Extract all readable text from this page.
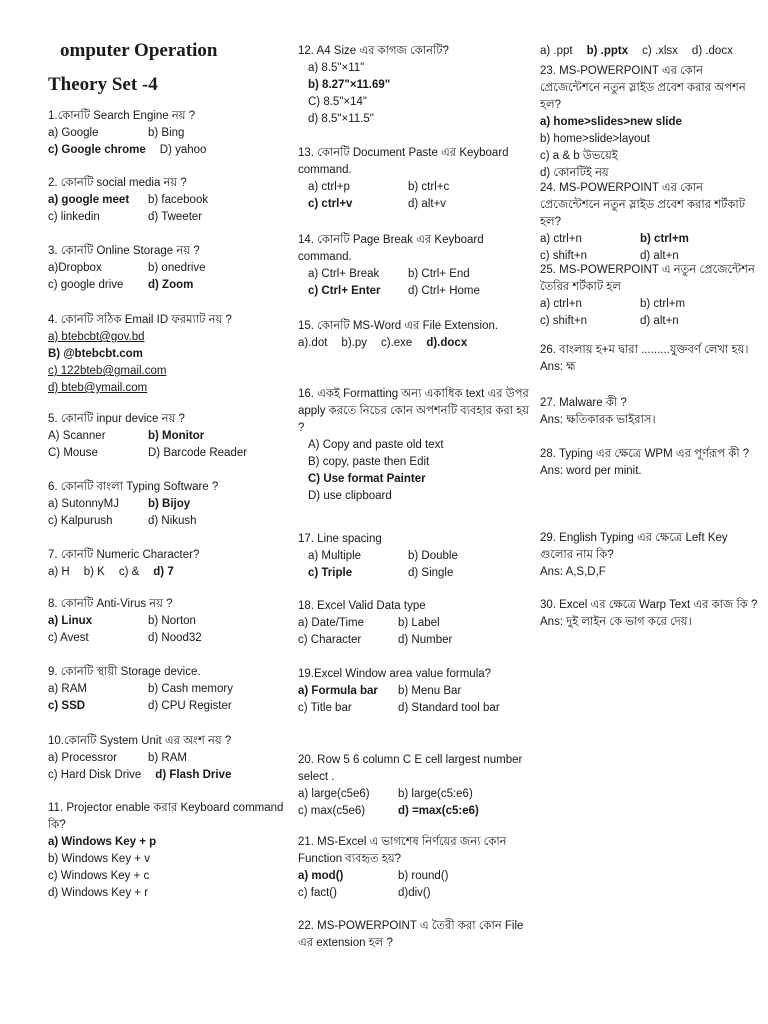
omputer Operation
Theory Set -4
1.কোনটি Search Engine নয় ?
a) Google	b) Bing
c) Google chrome D) yahoo
2. কোনটি social media নয় ?
a) google meet b) facebook
c) linkedin	d) Tweeter
3. কোনটি Online Storage নয় ?
a)Dropbox	b) onedrive
c) google drive d) Zoom
4. কোনটি সঠিক Email ID ফরম্যাট নয় ?
a) btebcbt@gov.bd
B) @btebcbt.com
c) 122bteb@gmail.com
d) bteb@ymail.com
5. কোনটি inpur device নয় ?
A) Scanner	b) Monitor
C) Mouse	D) Barcode Reader
6. কোনটি বাংলা Typing Software ?
a) SutonnyMJ	b) Bijoy
c) Kalpurush	d) Nikush
7. কোনটি Numeric Character?
a) H b) K c) & d) 7
8. কোনটি Anti-Virus নয় ?
a) Linux	b) Norton
c) Avest	d) Nood32
9. কোনটি স্থায়ী Storage device.
a) RAM	b) Cash memory
c) SSD	d) CPU Register
10.কোনটি System Unit এর অংশ নয় ?
a) Processror	b) RAM
c) Hard Disk Drive d) Flash Drive
11. Projector enable করার Keyboard command কি?
a) Windows Key + p
b) Windows Key + v
c) Windows Key + c
d) Windows Key + r
12. A4 Size এর কাগজ কোনটি?
a) 8.5"×11"
b) 8.27"×11.69"
C) 8.5"×14"
d) 8.5"×11.5"
13. কোনটি Document Paste এর Keyboard command.
a) ctrl+p	b) ctrl+c
c) ctrl+v	d) alt+v
14. কোনটি Page Break এর Keyboard command.
a) Ctrl+ Break b) Ctrl+ End
c) Ctrl+ Enter d) Ctrl+ Home
15. কোনটি MS-Word এর File Extension.
a).dot b).py c).exe d).docx
16. একই Formatting অন্য একাধিক text এর উপর apply করতে নিচের কোন অপশনটি ব্যবহার করা হয় ?
A) Copy and paste old text
B) copy, paste then Edit
C) Use format Painter
D) use clipboard
17. Line spacing
a) Multiple	b) Double
c) Triple	d) Single
18. Excel Valid Data type
a) Date/Time	b) Label
c) Character	d) Number
19.Excel Window area value formula?
a) Formula bar b) Menu Bar
c) Title bar	d) Standard tool bar
20. Row 5 6 column C E cell largest number select .
a) large(c5e6) b) large(c5:e6)
c) max(c5e6)	d) =max(c5:e6)
21. MS-Excel এ ভাগশেষ নির্ণয়ের জন্য কোন Function ব্যবহৃত হয়?
a) mod()	b) round()
c) fact()	d)div()
22. MS-POWERPOINT এ তৈরী করা কোন File এর extension হল ?
a) .ppt b) .pptx c) .xlsx d) .docx
23. MS-POWERPOINT এর কোন প্রেজেন্টেশনে নতুন স্লাইড প্রবেশ করার অপশন হল?
a) home>slides>new slide
b) home>slide>layout
c) a & b উভয়েই
d) কোনটিই নয়
24. MS-POWERPOINT এর কোন প্রেজেন্টেশনে নতুন স্লাইড প্রবেশ করার শর্টকাট হল?
a) ctrl+n	b) ctrl+m
c) shift+n	d) alt+n
25. MS-POWERPOINT এ নতুন প্রেজেন্টেশন তৈরির শর্টকাট হল
a) ctrl+n	b) ctrl+m
c) shift+n	d) alt+n
26. বাংলায় হ+ম দ্বারা .........যুক্তবর্ণ লেখা হয়।
Ans: হ্ম
27. Malware কী ?
Ans: ক্ষতিকারক ভাইরাস।
28. Typing এর ক্ষেত্রে WPM এর পূর্ণরূপ কী ?
Ans: word per minit.
29. English Typing এর ক্ষেত্রে Left Key গুলোর নাম কি?
Ans: A,S,D,F
30. Excel এর ক্ষেত্রে Warp Text এর কাজ কি ?
Ans: দুই লাইন কে ভাগ করে দেয়।
